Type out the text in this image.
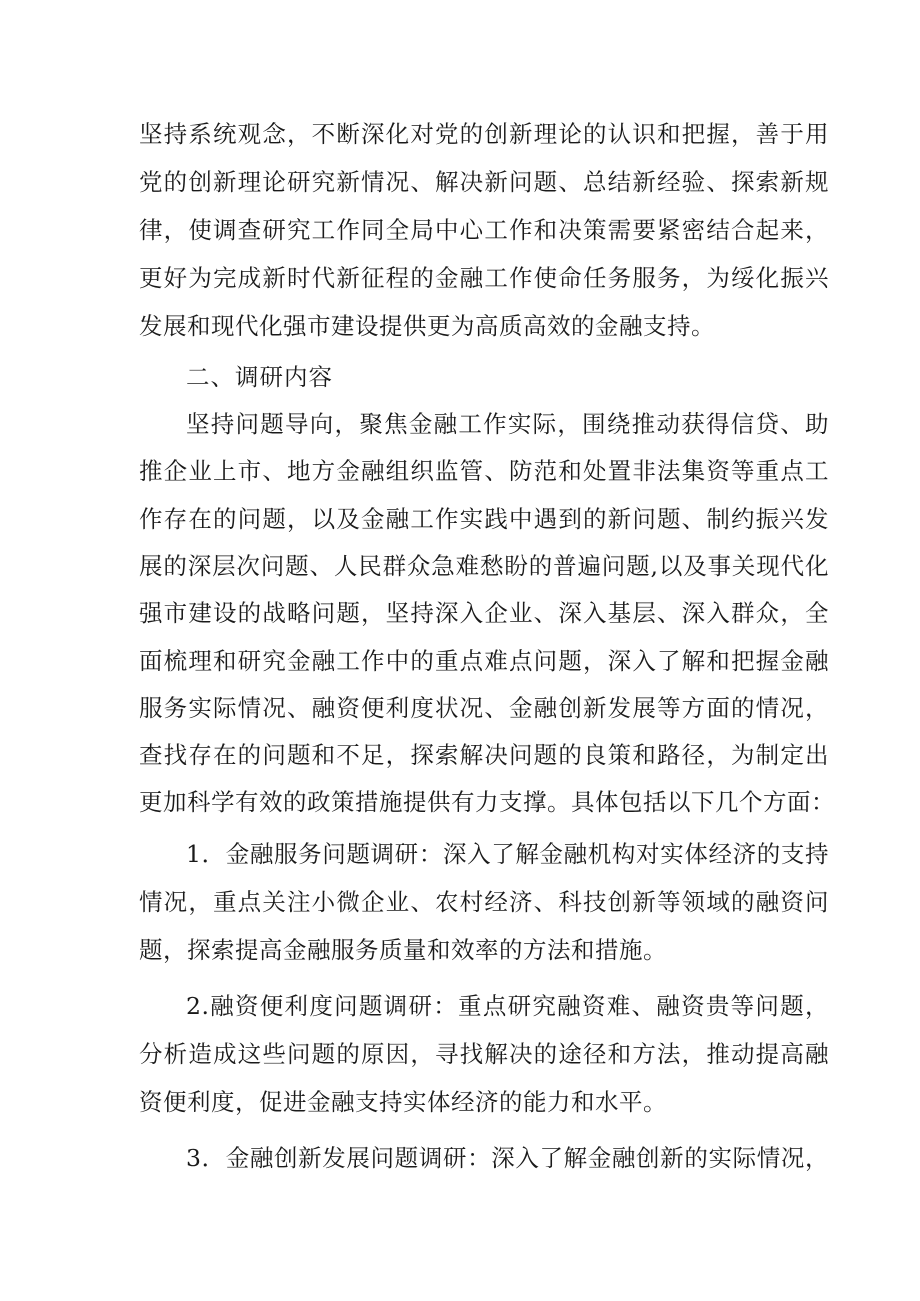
坚持系统观念，不断深化对党的创新理论的认识和把握，善于用
党的创新理论研究新情况、解决新问题、总结新经验、探索新规
律，使调查研究工作同全局中心工作和决策需要紧密结合起来，
更好为完成新时代新征程的金融工作使命任务服务，为绥化振兴
发展和现代化强市建设提供更为高质高效的金融支持。
二、调研内容
坚持问题导向，聚焦金融工作实际，围绕推动获得信贷、助
推企业上市、地方金融组织监管、防范和处置非法集资等重点工
作存在的问题，以及金融工作实践中遇到的新问题、制约振兴发
展的深层次问题、人民群众急难愁盼的普遍问题,以及事关现代化
强市建设的战略问题，坚持深入企业、深入基层、深入群众，全
面梳理和研究金融工作中的重点难点问题，深入了解和把握金融
服务实际情况、融资便利度状况、金融创新发展等方面的情况，
查找存在的问题和不足，探索解决问题的良策和路径，为制定出
更加科学有效的政策措施提供有力支撑。具体包括以下几个方面：
1．金融服务问题调研：深入了解金融机构对实体经济的支持
情况，重点关注小微企业、农村经济、科技创新等领域的融资问
题，探索提高金融服务质量和效率的方法和措施。
2.融资便利度问题调研：重点研究融资难、融资贵等问题，
分析造成这些问题的原因，寻找解决的途径和方法，推动提高融
资便利度，促进金融支持实体经济的能力和水平。
3．金融创新发展问题调研：深入了解金融创新的实际情况，
